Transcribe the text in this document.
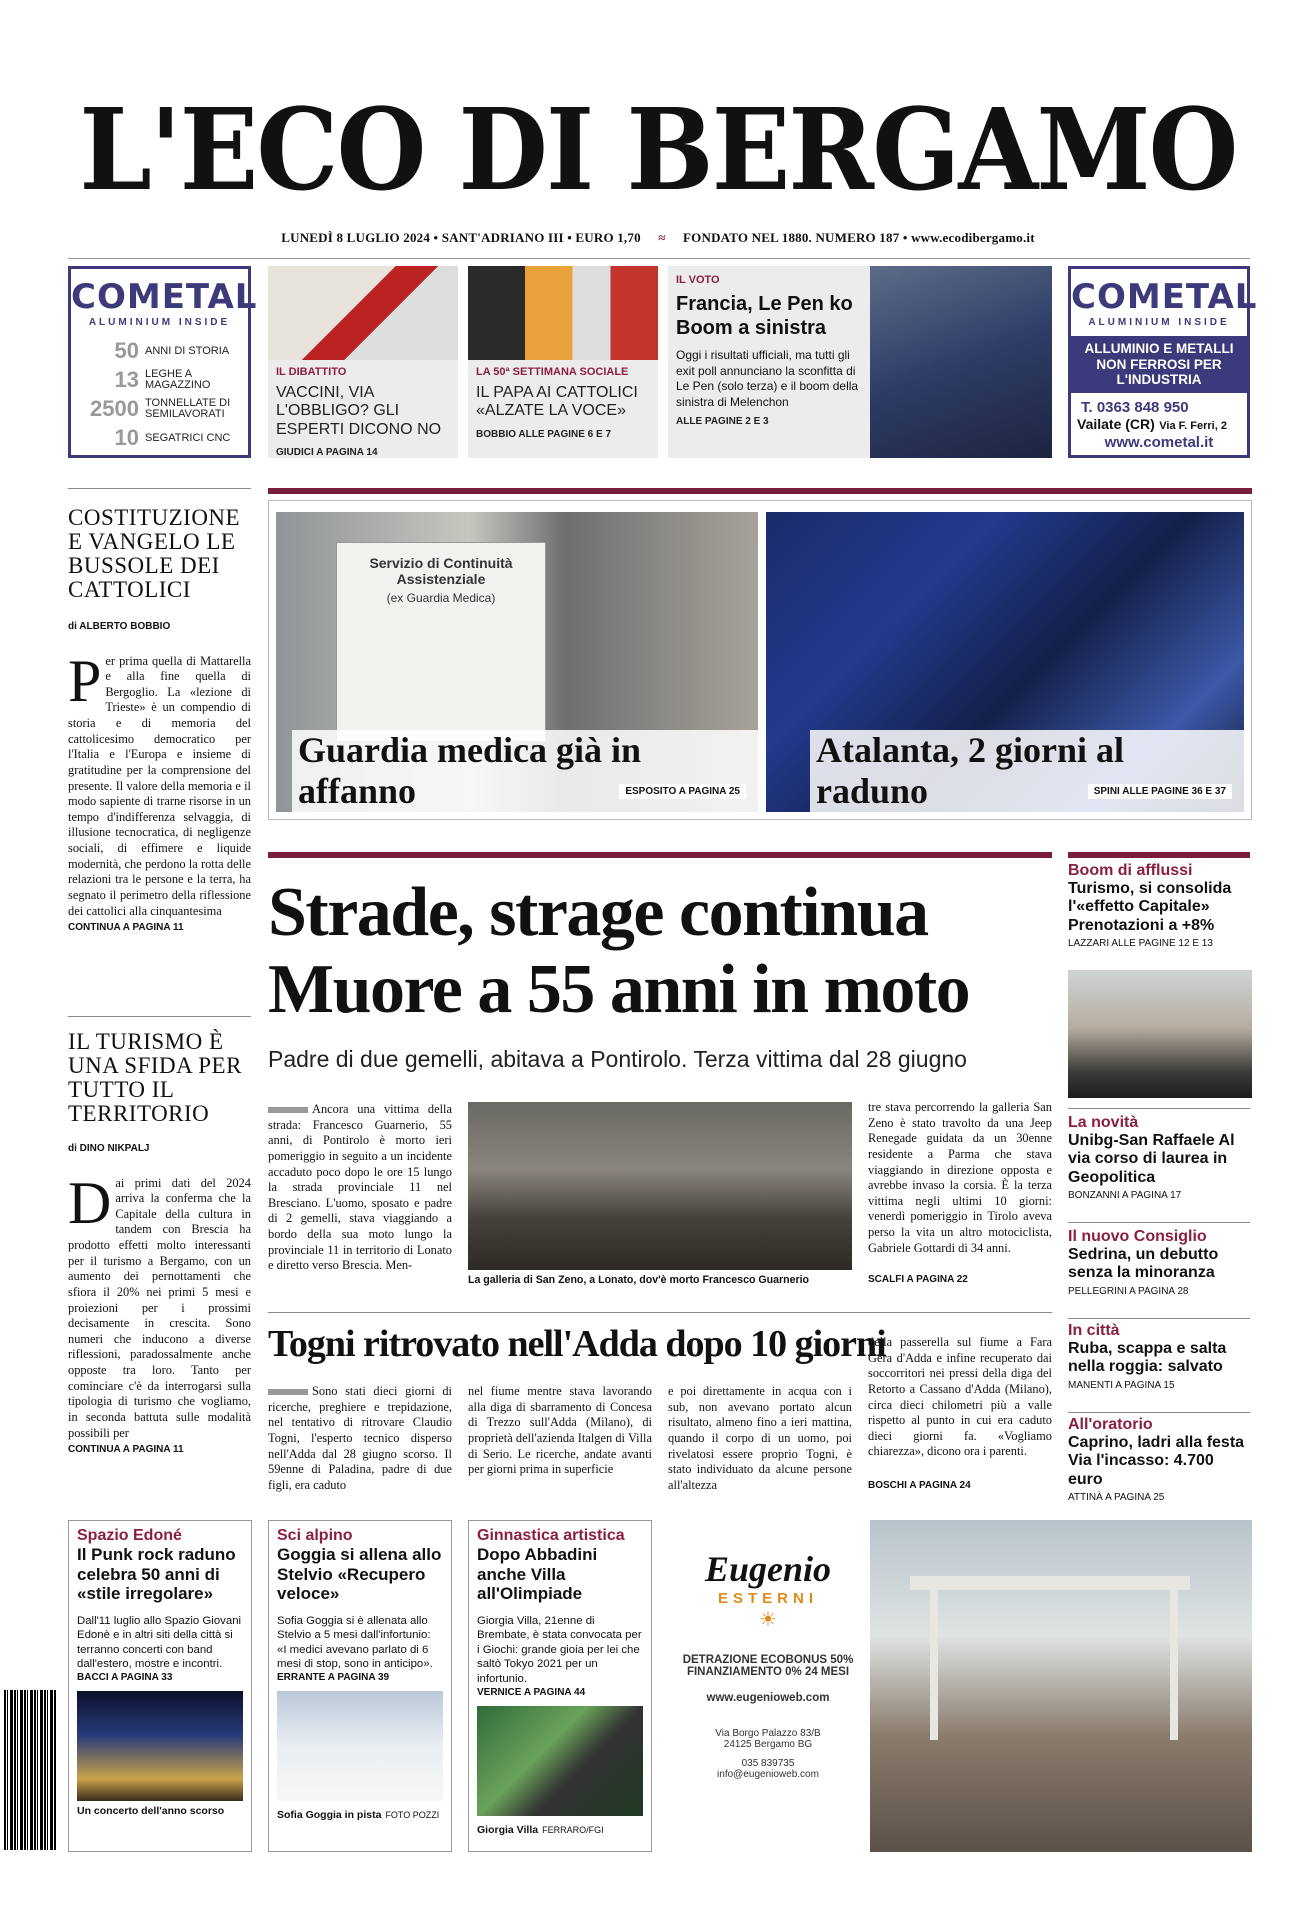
L'ECO DI BERGAMO
LUNEDÌ 8 LUGLIO 2024 • SANT'ADRIANO III • EURO 1,70 ≈ FONDATO NEL 1880. NUMERO 187 • www.ecodibergamo.it
COMETAL
ALUMINIUM INSIDE
50 ANNI DI STORIA
13 LEGHE A MAGAZZINO
2500 TONNELLATE DI SEMILAVORATI
10 SEGATRICI CNC
IL DIBATTITO
VACCINI, VIA L'OBBLIGO? GLI ESPERTI DICONO NO
GIUDICI A PAGINA 14
LA 50ª SETTIMANA SOCIALE
IL PAPA AI CATTOLICI «ALZATE LA VOCE»
BOBBIO ALLE PAGINE 6 E 7
IL VOTO
Francia, Le Pen ko Boom a sinistra
Oggi i risultati ufficiali, ma tutti gli exit poll annunciano la sconfitta di Le Pen (solo terza) e il boom della sinistra di Melenchon
ALLE PAGINE 2 E 3
COMETAL
ALUMINIUM INSIDE
ALLUMINIO E METALLI NON FERROSI PER L'INDUSTRIA
T. 0363 848 950
Vailate (CR) Via F. Ferri, 2
www.cometal.it
COSTITUZIONE E VANGELO LE BUSSOLE DEI CATTOLICI
di ALBERTO BOBBIO
Per prima quella di Mattarella e alla fine quella di Bergoglio. La «lezione di Trieste» è un compendio di storia e di memoria del cattolicesimo democratico per l'Italia e l'Europa e insieme di gratitudine per la comprensione del presente. Il valore della memoria e il modo sapiente di trarne risorse in un tempo d'indifferenza selvaggia, di illusione tecnocratica, di negligenze sociali, di effimere e liquide modernità, che perdono la rotta delle relazioni tra le persone e la terra, ha segnato il perimetro della riflessione dei cattolici alla cinquantesima
CONTINUA A PAGINA 11
IL TURISMO È UNA SFIDA PER TUTTO IL TERRITORIO
di DINO NIKPALJ
Dai primi dati del 2024 arriva la conferma che la Capitale della cultura in tandem con Brescia ha prodotto effetti molto interessanti per il turismo a Bergamo, con un aumento dei pernottamenti che sfiora il 20% nei primi 5 mesi e proiezioni per i prossimi decisamente in crescita. Sono numeri che inducono a diverse riflessioni, paradossalmente anche opposte tra loro. Tanto per cominciare c'è da interrogarsi sulla tipologia di turismo che vogliamo, in seconda battuta sulle modalità possibili per
CONTINUA A PAGINA 11
Servizio di Continuità Assistenziale
(ex Guardia Medica)
Guardia medica già in affanno	ESPOSITO A PAGINA 25
Atalanta, 2 giorni al raduno	SPINI ALLE PAGINE 36 E 37
Strade, strage continua
Muore a 55 anni in moto
Padre di due gemelli, abitava a Pontirolo. Terza vittima dal 28 giugno
Ancora una vittima della strada: Francesco Guarnerio, 55 anni, di Pontirolo è morto ieri pomeriggio in seguito a un incidente accaduto poco dopo le ore 15 lungo la strada provinciale 11 nel Bresciano. L'uomo, sposato e padre di 2 gemelli, stava viaggiando a bordo della sua moto lungo la provinciale 11 in territorio di Lonato e diretto verso Brescia. Men-
La galleria di San Zeno, a Lonato, dov'è morto Francesco Guarnerio
tre stava percorrendo la galleria San Zeno è stato travolto da una Jeep Renegade guidata da un 30enne residente a Parma che stava viaggiando in direzione opposta e avrebbe invaso la corsia. È la terza vittima negli ultimi 10 giorni: venerdì pomeriggio in Tirolo aveva perso la vita un altro motociclista, Gabriele Gottardi di 34 anni.
SCALFI A PAGINA 22
Togni ritrovato nell'Adda dopo 10 giorni
Sono stati dieci giorni di ricerche, preghiere e trepidazione, nel tentativo di ritrovare Claudio Togni, l'esperto tecnico disperso nell'Adda dal 28 giugno scorso. Il 59enne di Paladina, padre di due figli, era caduto
nel fiume mentre stava lavorando alla diga di sbarramento di Concesa di Trezzo sull'Adda (Milano), di proprietà dell'azienda Italgen di Villa di Serio. Le ricerche, andate avanti per giorni prima in superficie
e poi direttamente in acqua con i sub, non avevano portato alcun risultato, almeno fino a ieri mattina, quando il corpo di un uomo, poi rivelatosi essere proprio Togni, è stato individuato da alcune persone all'altezza
della passerella sul fiume a Fara Gera d'Adda e infine recuperato dai soccorritori nei pressi della diga del Retorto a Cassano d'Adda (Milano), circa dieci chilometri più a valle rispetto al punto in cui era caduto dieci giorni fa. «Vogliamo chiarezza», dicono ora i parenti.
BOSCHI A PAGINA 24
Boom di afflussi
Turismo, si consolida l'«effetto Capitale» Prenotazioni a +8%
LAZZARI ALLE PAGINE 12 E 13
La novità
Unibg-San Raffaele Al via corso di laurea in Geopolitica
BONZANNI A PAGINA 17
Il nuovo Consiglio
Sedrina, un debutto senza la minoranza
PELLEGRINI A PAGINA 28
In città
Ruba, scappa e salta nella roggia: salvato
MANENTI A PAGINA 15
All'oratorio
Caprino, ladri alla festa Via l'incasso: 4.700 euro
ATTINÀ A PAGINA 25
Spazio Edoné
Il Punk rock raduno celebra 50 anni di «stile irregolare»
Dall'11 luglio allo Spazio Giovani Edonè e in altri siti della città si terranno concerti con band dall'estero, mostre e incontri.
BACCI A PAGINA 33
Un concerto dell'anno scorso
Sci alpino
Goggia si allena allo Stelvio «Recupero veloce»
Sofia Goggia si è allenata allo Stelvio a 5 mesi dall'infortunio: «I medici avevano parlato di 6 mesi di stop, sono in anticipo».
ERRANTE A PAGINA 39
Sofia Goggia in pista FOTO POZZI
Ginnastica artistica
Dopo Abbadini anche Villa all'Olimpiade
Giorgia Villa, 21enne di Brembate, è stata convocata per i Giochi: grande gioia per lei che saltò Tokyo 2021 per un infortunio.
VERNICE A PAGINA 44
Giorgia Villa FERRARO/FGI
Eugenio
ESTERNI
☀
DETRAZIONE ECOBONUS 50%
FINANZIAMENTO 0% 24 MESI
www.eugenioweb.com
Via Borgo Palazzo 83/B
24125 Bergamo BG
035 839735
info@eugenioweb.com
